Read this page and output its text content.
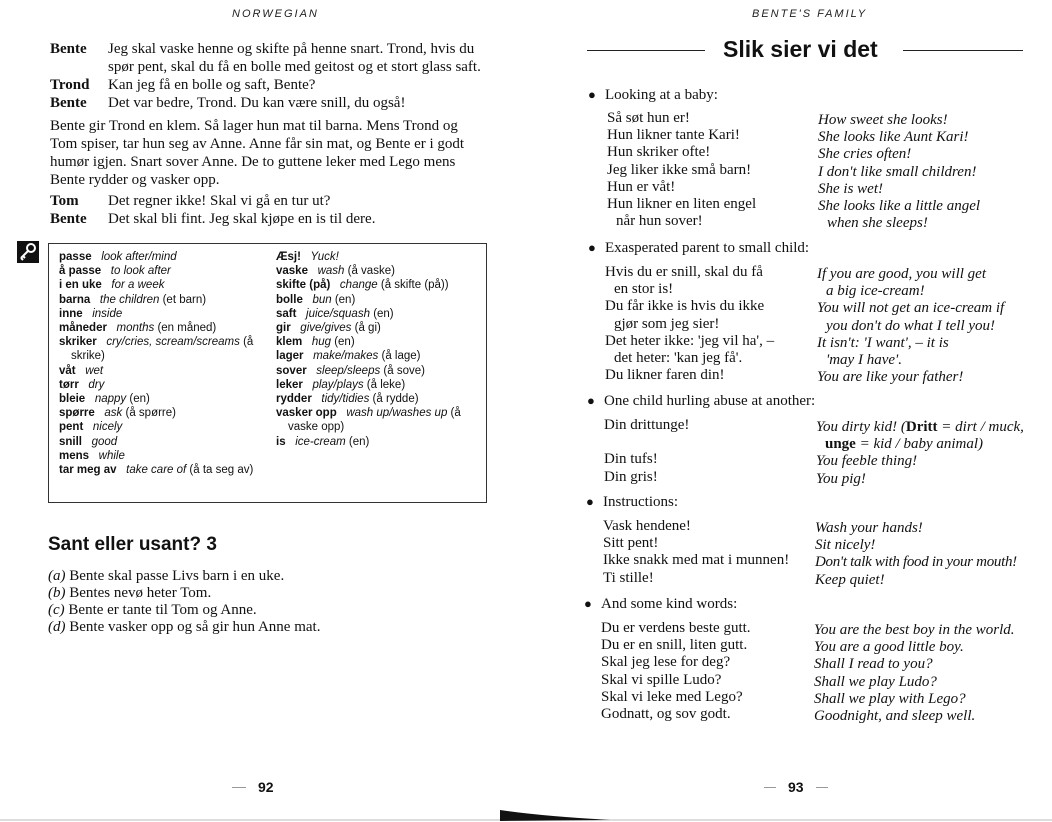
NORWEGIAN
Bente Jeg skal vaske henne og skifte på henne snart. Trond, hvis du
spør pent, skal du få en bolle med geitost og et stort glass saft.
Trond Kan jeg få en bolle og saft, Bente?
Bente Det var bedre, Trond. Du kan være snill, du også!
Bente gir Trond en klem. Så lager hun mat til barna. Mens Trond og
Tom spiser, tar hun seg av Anne. Anne får sin mat, og Bente er i godt
humør igjen. Snart sover Anne. De to guttene leker med Lego mens
Bente rydder og vasker opp.
Tom Det regner ikke! Skal vi gå en tur ut?
Bente Det skal bli fint. Jeg skal kjøpe en is til dere.
passe look after/mind
å passe to look after
i en uke for a week
barna the children (et barn)
inne inside
måneder months (en måned)
skriker cry/cries, scream/screams (å skrike)
våt wet
tørr dry
bleie nappy (en)
spørre ask (å spørre)
pent nicely
snill good
mens while
tar meg av take care of (å ta seg av)
Æsj! Yuck!
vaske wash (å vaske)
skifte (på) change (å skifte (på))
bolle bun (en)
saft juice/squash (en)
gir give/gives (å gi)
klem hug (en)
lager make/makes (å lage)
sover sleep/sleeps (å sove)
leker play/plays (å leke)
rydder tidy/tidies (å rydde)
vasker opp wash up/washes up (å vaske opp)
is ice-cream (en)
Sant eller usant? 3
(a) Bente skal passe Livs barn i en uke.
(b) Bentes nevø heter Tom.
(c) Bente er tante til Tom og Anne.
(d) Bente vasker opp og så gir hun Anne mat.
92
BENTE'S FAMILY
Slik sier vi det
● Looking at a baby:
Så søt hun er!
Hun likner tante Kari!
Hun skriker ofte!
Jeg liker ikke små barn!
Hun er våt!
Hun likner en liten engel
når hun sover!
How sweet she looks!
She looks like Aunt Kari!
She cries often!
I don't like small children!
She is wet!
She looks like a little angel
when she sleeps!
● Exasperated parent to small child:
Hvis du er snill, skal du få
en stor is!
Du får ikke is hvis du ikke
gjør som jeg sier!
Det heter ikke: 'jeg vil ha', –
det heter: 'kan jeg få'.
Du likner faren din!
If you are good, you will get
a big ice-cream!
You will not get an ice-cream if
you don't do what I tell you!
It isn't: 'I want', – it is
'may I have'.
You are like your father!
● One child hurling abuse at another:
Din drittunge!

Din tufs!
Din gris!
You dirty kid! (Dritt = dirt / muck,
unge = kid / baby animal)
You feeble thing!
You pig!
● Instructions:
Vask hendene!
Sitt pent!
Ikke snakk med mat i munnen!
Ti stille!
Wash your hands!
Sit nicely!
Don't talk with food in your mouth!
Keep quiet!
● And some kind words:
Du er verdens beste gutt.
Du er en snill, liten gutt.
Skal jeg lese for deg?
Skal vi spille Ludo?
Skal vi leke med Lego?
Godnatt, og sov godt.
You are the best boy in the world.
You are a good little boy.
Shall I read to you?
Shall we play Ludo?
Shall we play with Lego?
Goodnight, and sleep well.
93
